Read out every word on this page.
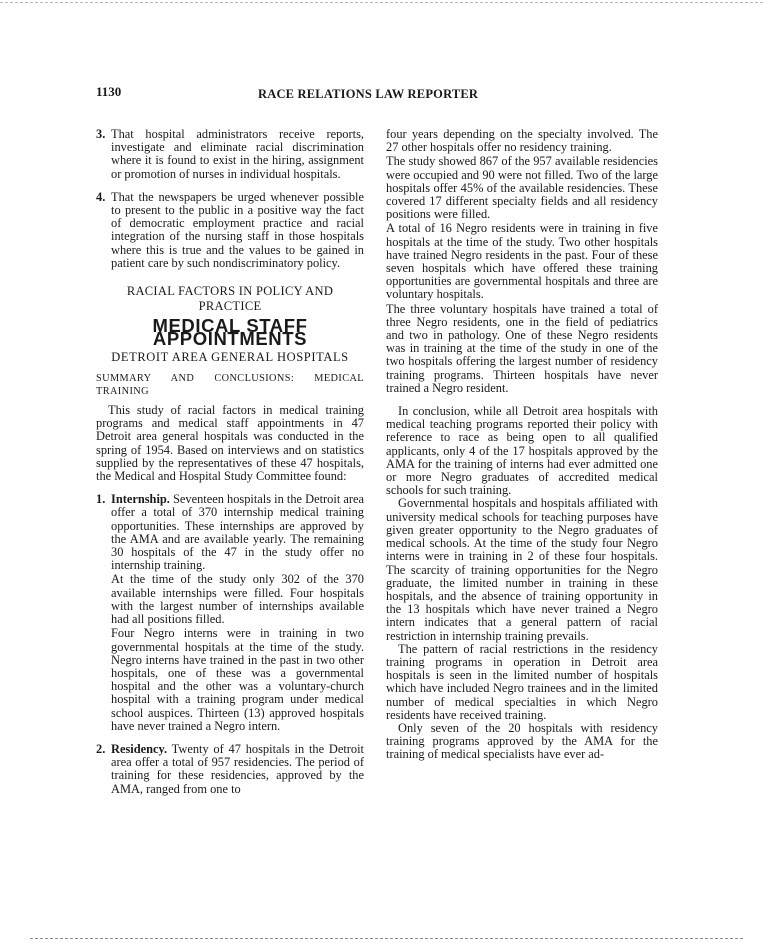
1130	RACE RELATIONS LAW REPORTER
3. That hospital administrators receive reports, investigate and eliminate racial discrimination where it is found to exist in the hiring, assignment or promotion of nurses in individual hospitals.

4. That the newspapers be urged whenever possible to present to the public in a positive way the fact of democratic employment practice and racial integration of the nursing staff in those hospitals where this is true and the values to be gained in patient care by such nondiscriminatory policy.

RACIAL FACTORS IN POLICY AND
PRACTICE
MEDICAL STAFF APPOINTMENTS
DETROIT AREA GENERAL HOSPITALS
SUMMARY AND CONCLUSIONS: MEDICAL TRAINING

This study of racial factors in medical training programs and medical staff appointments in 47 Detroit area general hospitals was conducted in the spring of 1954. Based on interviews and on statistics supplied by the representatives of these 47 hospitals, the Medical and Hospital Study Committee found:

1. Internship. Seventeen hospitals in the Detroit area offer a total of 370 internship medical training opportunities. These internships are approved by the AMA and are available yearly. The remaining 30 hospitals of the 47 in the study offer no internship training.

At the time of the study only 302 of the 370 available internships were filled. Four hospitals with the largest number of internships available had all positions filled.

Four Negro interns were in training in two governmental hospitals at the time of the study. Negro interns have trained in the past in two other hospitals, one of these was a governmental hospital and the other was a voluntary-church hospital with a training program under medical school auspices. Thirteen (13) approved hospitals have never trained a Negro intern.

2. Residency. Twenty of 47 hospitals in the Detroit area offer a total of 957 residencies. The period of training for these residencies, approved by the AMA, ranged from one to

four years depending on the specialty involved. The 27 other hospitals offer no residency training.

The study showed 867 of the 957 available residencies were occupied and 90 were not filled. Two of the large hospitals offer 45% of the available residencies. These covered 17 different specialty fields and all residency positions were filled.

A total of 16 Negro residents were in training in five hospitals at the time of the study. Two other hospitals have trained Negro residents in the past. Four of these seven hospitals which have offered these training opportunities are governmental hospitals and three are voluntary hospitals.

The three voluntary hospitals have trained a total of three Negro residents, one in the field of pediatrics and two in pathology. One of these Negro residents was in training at the time of the study in one of the two hospitals offering the largest number of residency training programs. Thirteen hospitals have never trained a Negro resident.

In conclusion, while all Detroit area hospitals with medical teaching programs reported their policy with reference to race as being open to all qualified applicants, only 4 of the 17 hospitals approved by the AMA for the training of interns had ever admitted one or more Negro graduates of accredited medical schools for such training.

Governmental hospitals and hospitals affiliated with university medical schools for teaching purposes have given greater opportunity to the Negro graduates of medical schools. At the time of the study four Negro interns were in training in 2 of these four hospitals. The scarcity of training opportunities for the Negro graduate, the limited number in training in these hospitals, and the absence of training opportunity in the 13 hospitals which have never trained a Negro intern indicates that a general pattern of racial restriction in internship training prevails.

The pattern of racial restrictions in the residency training programs in operation in Detroit area hospitals is seen in the limited number of hospitals which have included Negro trainees and in the limited number of medical specialties in which Negro residents have received training.

Only seven of the 20 hospitals with residency training programs approved by the AMA for the training of medical specialists have ever ad-
